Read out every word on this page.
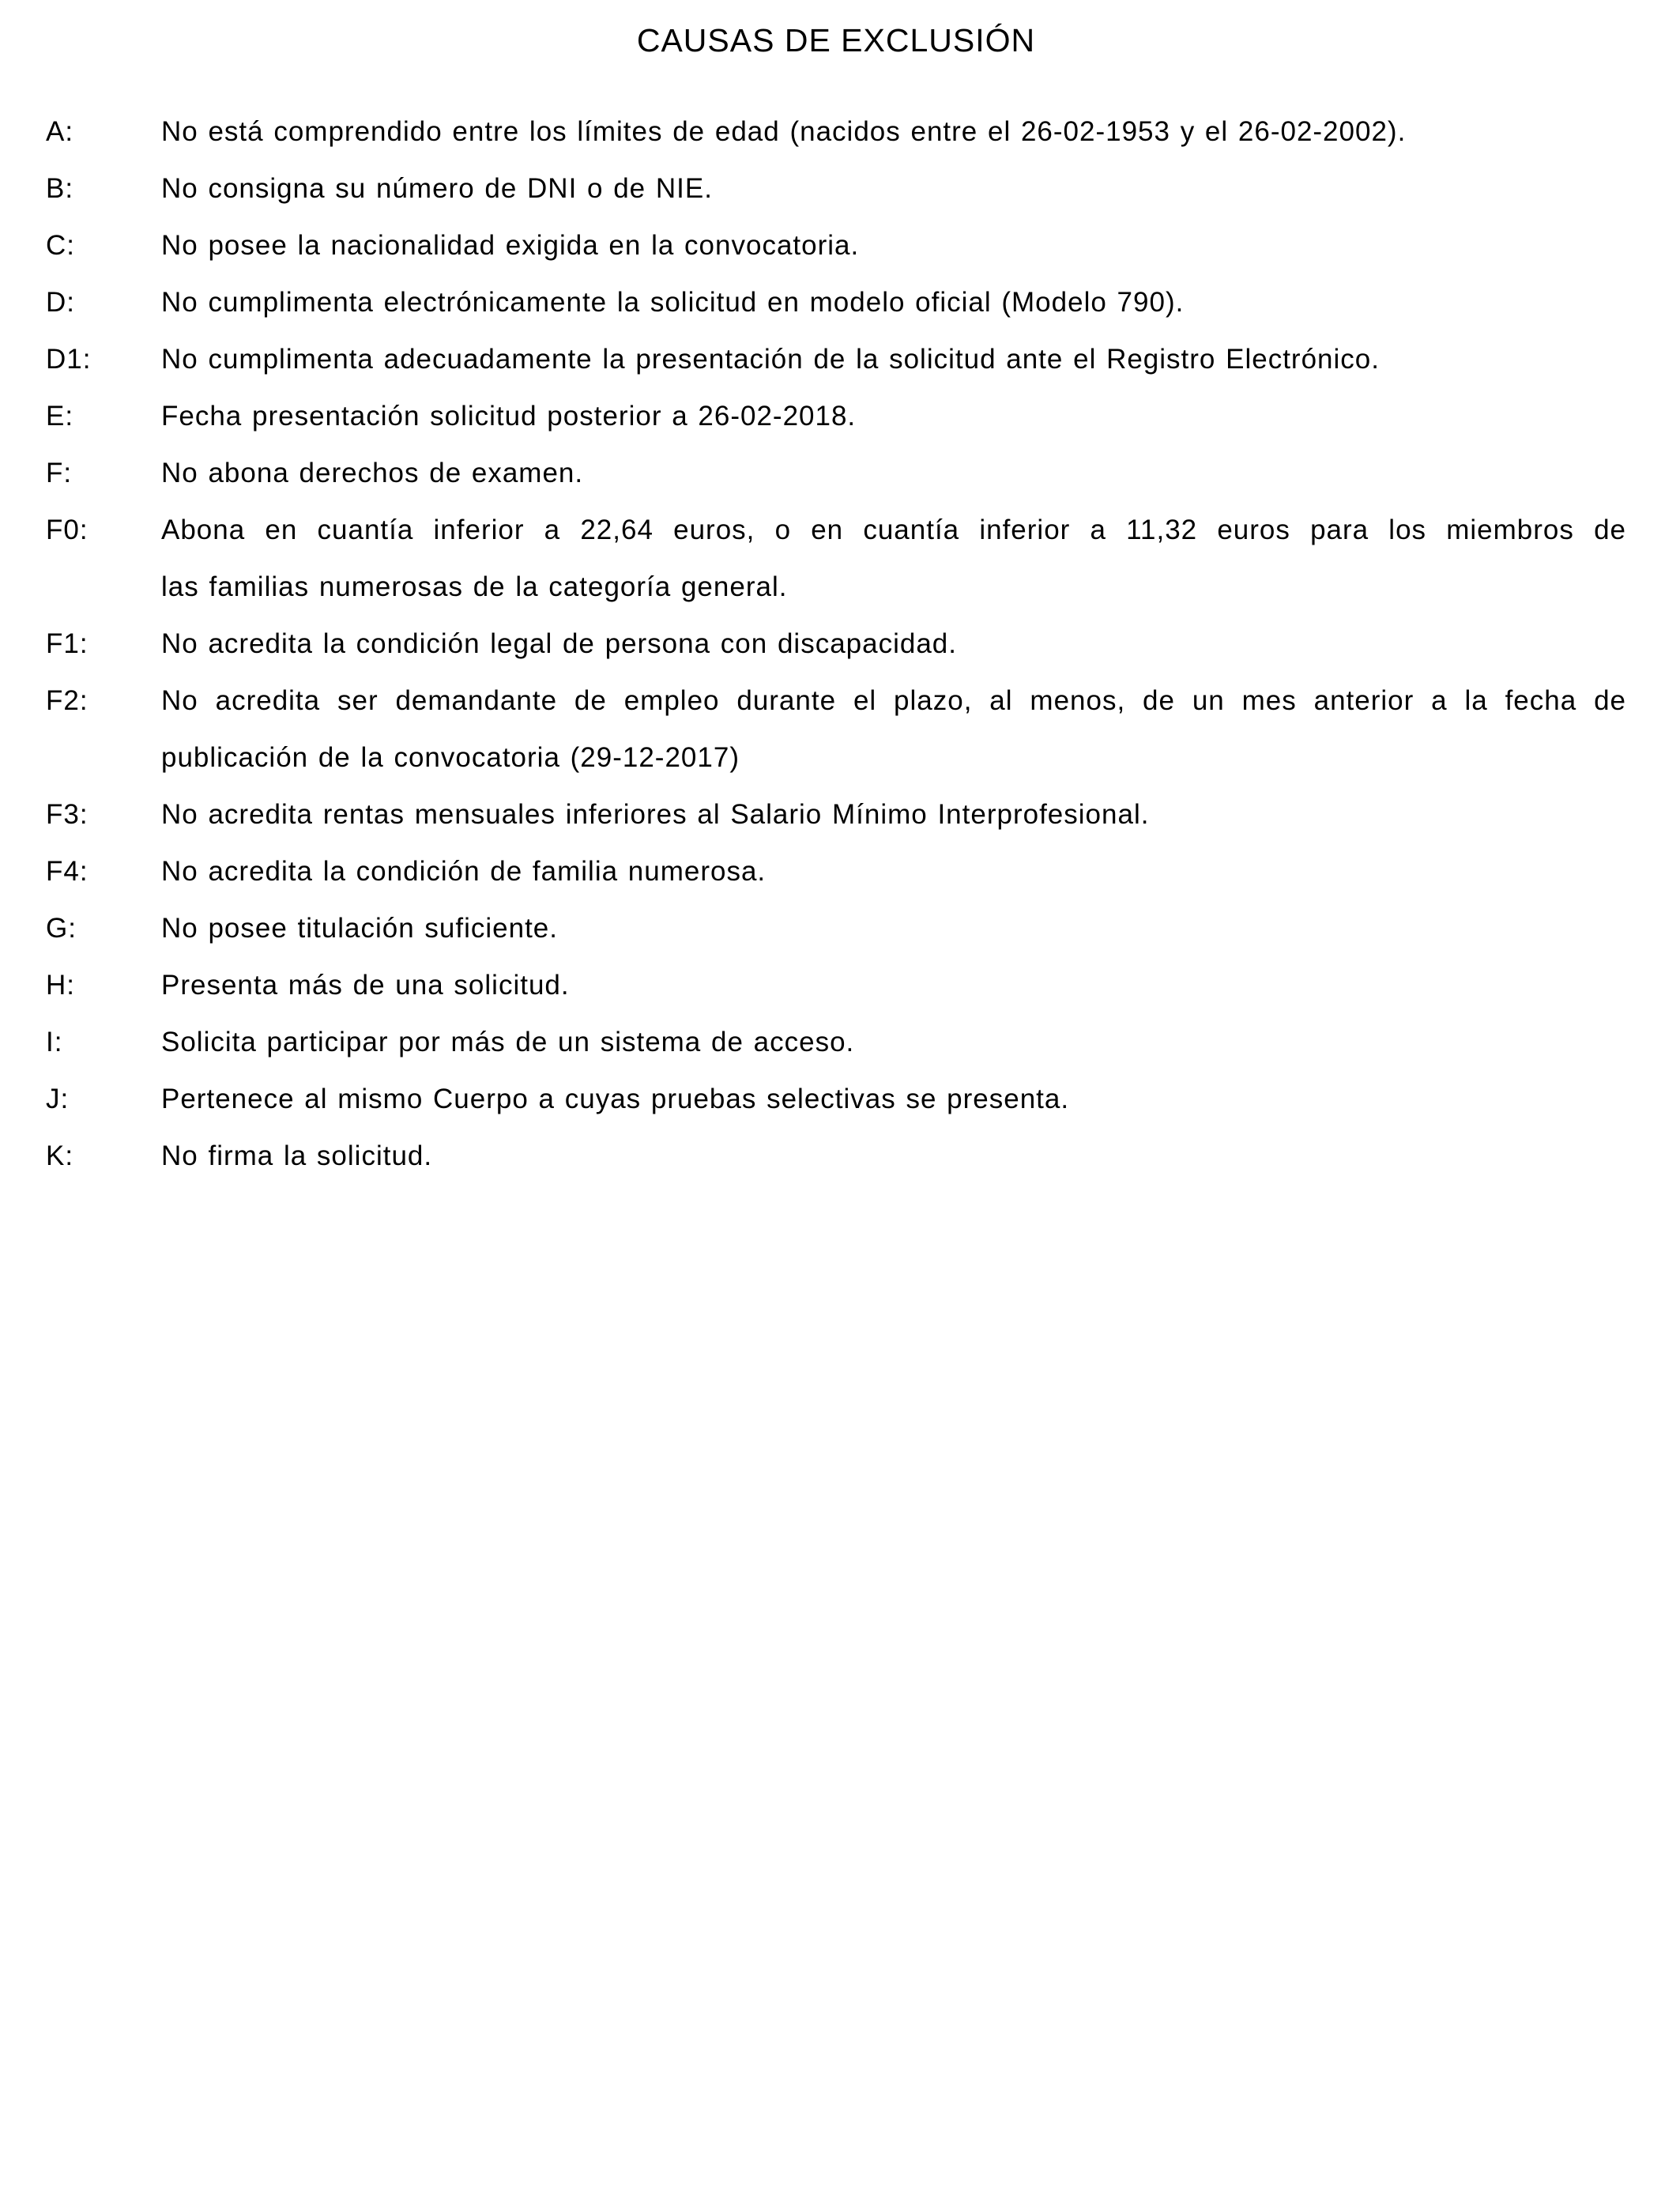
CAUSAS DE EXCLUSIÓN
A:	No está comprendido entre los límites de edad (nacidos entre el 26-02-1953 y el 26-02-2002).
B:	No consigna su número de DNI o de NIE.
C:	No posee la nacionalidad exigida en la convocatoria.
D:	No cumplimenta electrónicamente la solicitud en modelo oficial (Modelo 790).
D1:	No cumplimenta adecuadamente la presentación de la solicitud ante el Registro Electrónico.
E:	Fecha presentación solicitud posterior a 26-02-2018.
F:	No abona derechos de examen.
F0:	Abona en cuantía inferior a 22,64 euros, o en cuantía inferior a 11,32 euros para los miembros de
las familias numerosas de la categoría general.
F1:	No acredita la condición legal de persona con discapacidad.
F2:	No acredita ser demandante de empleo durante el plazo, al menos, de un mes anterior a la fecha de
publicación de la convocatoria (29-12-2017)
F3:	No acredita rentas mensuales inferiores al Salario Mínimo Interprofesional.
F4:	No acredita la condición de familia numerosa.
G:	No posee titulación suficiente.
H:	Presenta más de una solicitud.
I:	Solicita participar por más de un sistema de acceso.
J:	Pertenece al mismo Cuerpo a cuyas pruebas selectivas se presenta.
K:	No firma la solicitud.
